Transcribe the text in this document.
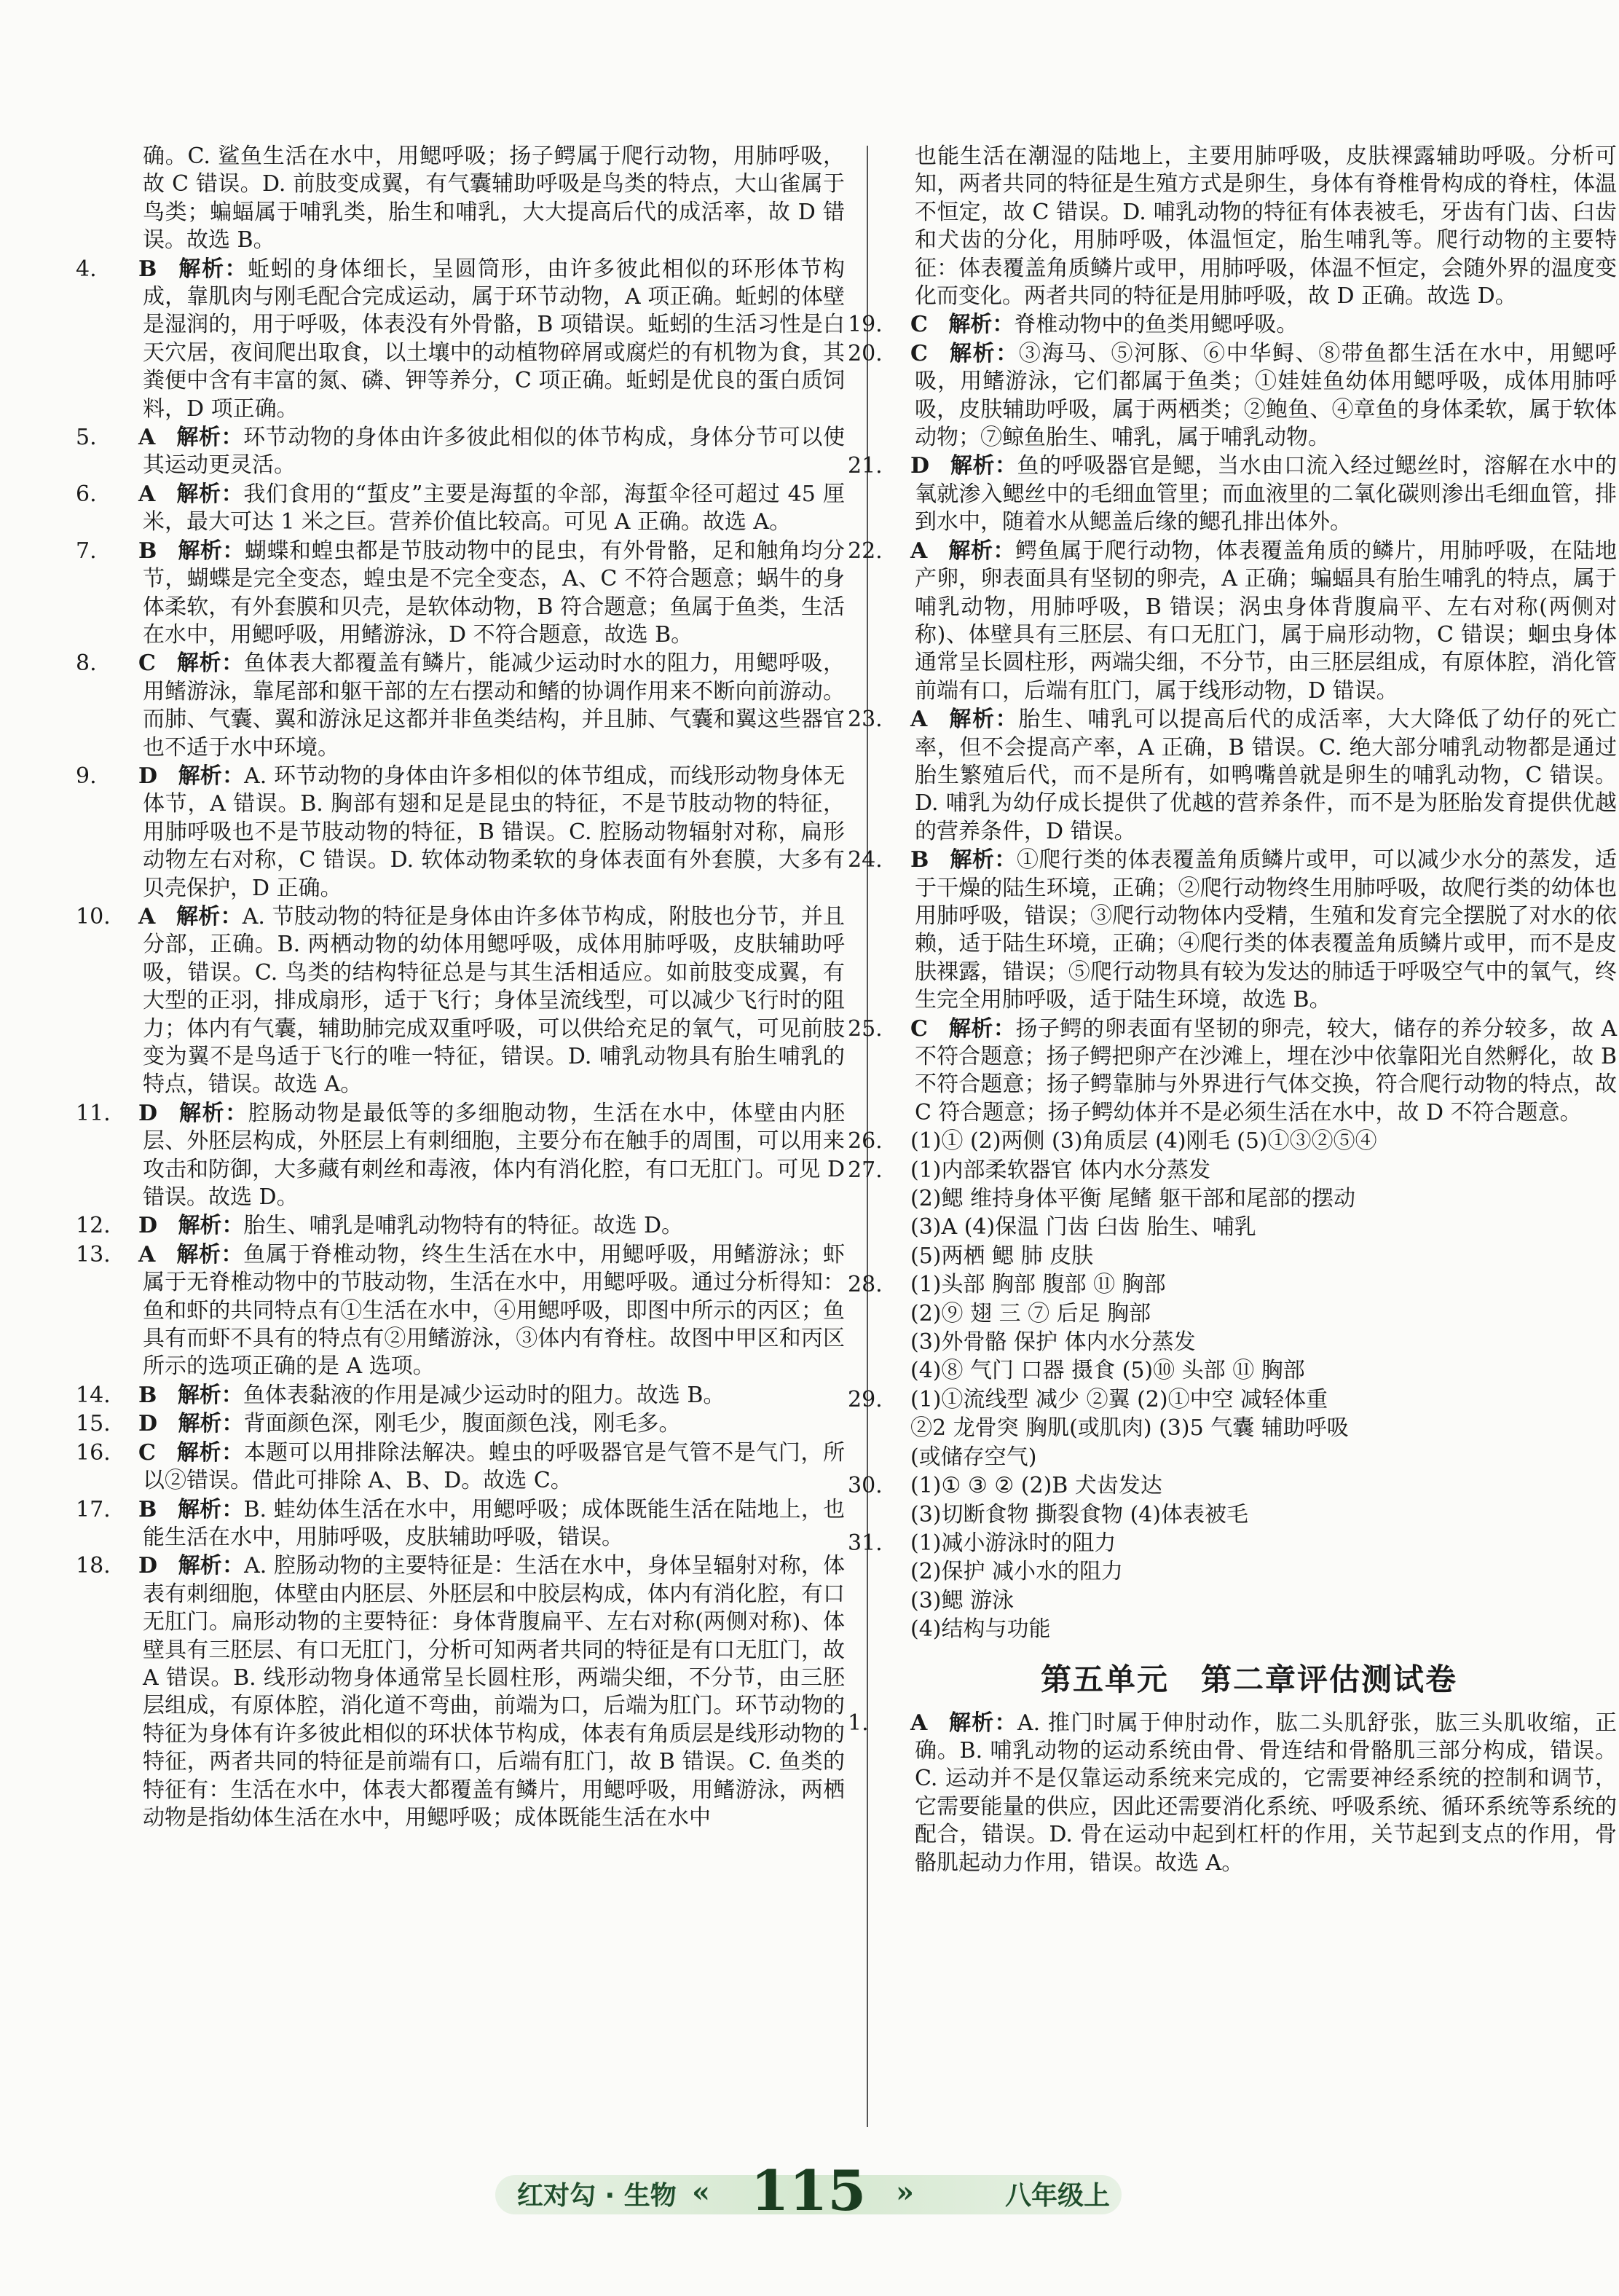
确。C. 鲨鱼生活在水中，用鳃呼吸；扬子鳄属于爬行动物，用肺呼吸，故 C 错误。D. 前肢变成翼，有气囊辅助呼吸是鸟类的特点，大山雀属于鸟类；蝙蝠属于哺乳类，胎生和哺乳，大大提高后代的成活率，故 D 错误。故选 B。
4. B 解析：蚯蚓的身体细长，呈圆筒形，由许多彼此相似的环形体节构成，靠肌肉与刚毛配合完成运动，属于环节动物，A 项正确。蚯蚓的体壁是湿润的，用于呼吸，体表没有外骨骼，B 项错误。蚯蚓的生活习性是白天穴居，夜间爬出取食，以土壤中的动植物碎屑或腐烂的有机物为食，其粪便中含有丰富的氮、磷、钾等养分，C 项正确。蚯蚓是优良的蛋白质饲料，D 项正确。
5. A 解析：环节动物的身体由许多彼此相似的体节构成，身体分节可以使其运动更灵活。
6. A 解析：我们食用的“蜇皮”主要是海蜇的伞部，海蜇伞径可超过 45 厘米，最大可达 1 米之巨。营养价值比较高。可见 A 正确。故选 A。
7. B 解析：蝴蝶和蝗虫都是节肢动物中的昆虫，有外骨骼，足和触角均分节，蝴蝶是完全变态，蝗虫是不完全变态，A、C 不符合题意；蜗牛的身体柔软，有外套膜和贝壳，是软体动物，B 符合题意；鱼属于鱼类，生活在水中，用鳃呼吸，用鳍游泳，D 不符合题意，故选 B。
8. C 解析：鱼体表大都覆盖有鳞片，能减少运动时水的阻力，用鳃呼吸，用鳍游泳，靠尾部和躯干部的左右摆动和鳍的协调作用来不断向前游动。而肺、气囊、翼和游泳足这都并非鱼类结构，并且肺、气囊和翼这些器官也不适于水中环境。
9. D 解析：A. 环节动物的身体由许多相似的体节组成，而线形动物身体无体节，A 错误。B. 胸部有翅和足是昆虫的特征，不是节肢动物的特征，用肺呼吸也不是节肢动物的特征，B 错误。C. 腔肠动物辐射对称，扁形动物左右对称，C 错误。D. 软体动物柔软的身体表面有外套膜，大多有贝壳保护，D 正确。
10. A 解析：A. 节肢动物的特征是身体由许多体节构成，附肢也分节，并且分部，正确。B. 两栖动物的幼体用鳃呼吸，成体用肺呼吸，皮肤辅助呼吸，错误。C. 鸟类的结构特征总是与其生活相适应。如前肢变成翼，有大型的正羽，排成扇形，适于飞行；身体呈流线型，可以减少飞行时的阻力；体内有气囊，辅助肺完成双重呼吸，可以供给充足的氧气，可见前肢变为翼不是鸟适于飞行的唯一特征，错误。D. 哺乳动物具有胎生哺乳的特点，错误。故选 A。
11. D 解析：腔肠动物是最低等的多细胞动物，生活在水中，体壁由内胚层、外胚层构成，外胚层上有刺细胞，主要分布在触手的周围，可以用来攻击和防御，大多藏有刺丝和毒液，体内有消化腔，有口无肛门。可见 D 错误。故选 D。
12. D 解析：胎生、哺乳是哺乳动物特有的特征。故选 D。
13. A 解析：鱼属于脊椎动物，终生生活在水中，用鳃呼吸，用鳍游泳；虾属于无脊椎动物中的节肢动物，生活在水中，用鳃呼吸。通过分析得知：鱼和虾的共同特点有①生活在水中，④用鳃呼吸，即图中所示的丙区；鱼具有而虾不具有的特点有②用鳍游泳，③体内有脊柱。故图中甲区和丙区所示的选项正确的是 A 选项。
14. B 解析：鱼体表黏液的作用是减少运动时的阻力。故选 B。
15. D 解析：背面颜色深，刚毛少，腹面颜色浅，刚毛多。
16. C 解析：本题可以用排除法解决。蝗虫的呼吸器官是气管不是气门，所以②错误。借此可排除 A、B、D。故选 C。
17. B 解析：B. 蛙幼体生活在水中，用鳃呼吸；成体既能生活在陆地上，也能生活在水中，用肺呼吸，皮肤辅助呼吸，错误。
18. D 解析：A. 腔肠动物的主要特征是：生活在水中，身体呈辐射对称，体表有刺细胞，体壁由内胚层、外胚层和中胶层构成，体内有消化腔，有口无肛门。扁形动物的主要特征：身体背腹扁平、左右对称(两侧对称)、体壁具有三胚层、有口无肛门，分析可知两者共同的特征是有口无肛门，故 A 错误。B. 线形动物身体通常呈长圆柱形，两端尖细，不分节，由三胚层组成，有原体腔，消化道不弯曲，前端为口，后端为肛门。环节动物的特征为身体有许多彼此相似的环状体节构成，体表有角质层是线形动物的特征，两者共同的特征是前端有口，后端有肛门，故 B 错误。C. 鱼类的特征有：生活在水中，体表大都覆盖有鳞片，用鳃呼吸，用鳍游泳，两栖动物是指幼体生活在水中，用鳃呼吸；成体既能生活在水中
也能生活在潮湿的陆地上，主要用肺呼吸，皮肤裸露辅助呼吸。分析可知，两者共同的特征是生殖方式是卵生，身体有脊椎骨构成的脊柱，体温不恒定，故 C 错误。D. 哺乳动物的特征有体表被毛，牙齿有门齿、臼齿和犬齿的分化，用肺呼吸，体温恒定，胎生哺乳等。爬行动物的主要特征：体表覆盖角质鳞片或甲，用肺呼吸，体温不恒定，会随外界的温度变化而变化。两者共同的特征是用肺呼吸，故 D 正确。故选 D。
19. C 解析：脊椎动物中的鱼类用鳃呼吸。
20. C 解析：③海马、⑤河豚、⑥中华鲟、⑧带鱼都生活在水中，用鳃呼吸，用鳍游泳，它们都属于鱼类；①娃娃鱼幼体用鳃呼吸，成体用肺呼吸，皮肤辅助呼吸，属于两栖类；②鲍鱼、④章鱼的身体柔软，属于软体动物；⑦鲸鱼胎生、哺乳，属于哺乳动物。
21. D 解析：鱼的呼吸器官是鳃，当水由口流入经过鳃丝时，溶解在水中的氧就渗入鳃丝中的毛细血管里；而血液里的二氧化碳则渗出毛细血管，排到水中，随着水从鳃盖后缘的鳃孔排出体外。
22. A 解析：鳄鱼属于爬行动物，体表覆盖角质的鳞片，用肺呼吸，在陆地产卵，卵表面具有坚韧的卵壳，A 正确；蝙蝠具有胎生哺乳的特点，属于哺乳动物，用肺呼吸，B 错误；涡虫身体背腹扁平、左右对称(两侧对称)、体壁具有三胚层、有口无肛门，属于扁形动物，C 错误；蛔虫身体通常呈长圆柱形，两端尖细，不分节，由三胚层组成，有原体腔，消化管前端有口，后端有肛门，属于线形动物，D 错误。
23. A 解析：胎生、哺乳可以提高后代的成活率，大大降低了幼仔的死亡率，但不会提高产率，A 正确，B 错误。C. 绝大部分哺乳动物都是通过胎生繁殖后代，而不是所有，如鸭嘴兽就是卵生的哺乳动物，C 错误。D. 哺乳为幼仔成长提供了优越的营养条件，而不是为胚胎发育提供优越的营养条件，D 错误。
24. B 解析：①爬行类的体表覆盖角质鳞片或甲，可以减少水分的蒸发，适于干燥的陆生环境，正确；②爬行动物终生用肺呼吸，故爬行类的幼体也用肺呼吸，错误；③爬行动物体内受精，生殖和发育完全摆脱了对水的依赖，适于陆生环境，正确；④爬行类的体表覆盖角质鳞片或甲，而不是皮肤裸露，错误；⑤爬行动物具有较为发达的肺适于呼吸空气中的氧气，终生完全用肺呼吸，适于陆生环境，故选 B。
25. C 解析：扬子鳄的卵表面有坚韧的卵壳，较大，储存的养分较多，故 A 不符合题意；扬子鳄把卵产在沙滩上，埋在沙中依靠阳光自然孵化，故 B 不符合题意；扬子鳄靠肺与外界进行气体交换，符合爬行动物的特点，故 C 符合题意；扬子鳄幼体并不是必须生活在水中，故 D 不符合题意。
26. (1)① (2)两侧 (3)角质层 (4)刚毛 (5)①③②⑤④
27. (1)内部柔软器官 体内水分蒸发
(2)鳃 维持身体平衡 尾鳍 躯干部和尾部的摆动
(3)A (4)保温 门齿 臼齿 胎生、哺乳
(5)两栖 鳃 肺 皮肤
28. (1)头部 胸部 腹部 ⑪ 胸部
(2)⑨ 翅 三 ⑦ 后足 胸部
(3)外骨骼 保护 体内水分蒸发
(4)⑧ 气门 口器 摄食 (5)⑩ 头部 ⑪ 胸部
29. (1)①流线型 减少 ②翼 (2)①中空 减轻体重
②2 龙骨突 胸肌(或肌肉) (3)5 气囊 辅助呼吸
(或储存空气)
30. (1)① ③ ② (2)B 犬齿发达
(3)切断食物 撕裂食物 (4)体表被毛
31. (1)减小游泳时的阻力
(2)保护 减小水的阻力
(3)鳃 游泳
(4)结构与功能
第五单元　第二章评估测试卷
1. A 解析：A. 推门时属于伸肘动作，肱二头肌舒张，肱三头肌收缩，正确。B. 哺乳动物的运动系统由骨、骨连结和骨骼肌三部分构成，错误。C. 运动并不是仅靠运动系统来完成的，它需要神经系统的控制和调节，它需要能量的供应，因此还需要消化系统、呼吸系统、循环系统等系统的配合，错误。D. 骨在运动中起到杠杆的作用，关节起到支点的作用，骨骼肌起动力作用，错误。故选 A。
红对勾 · 生物 « 115 »	八年级上
